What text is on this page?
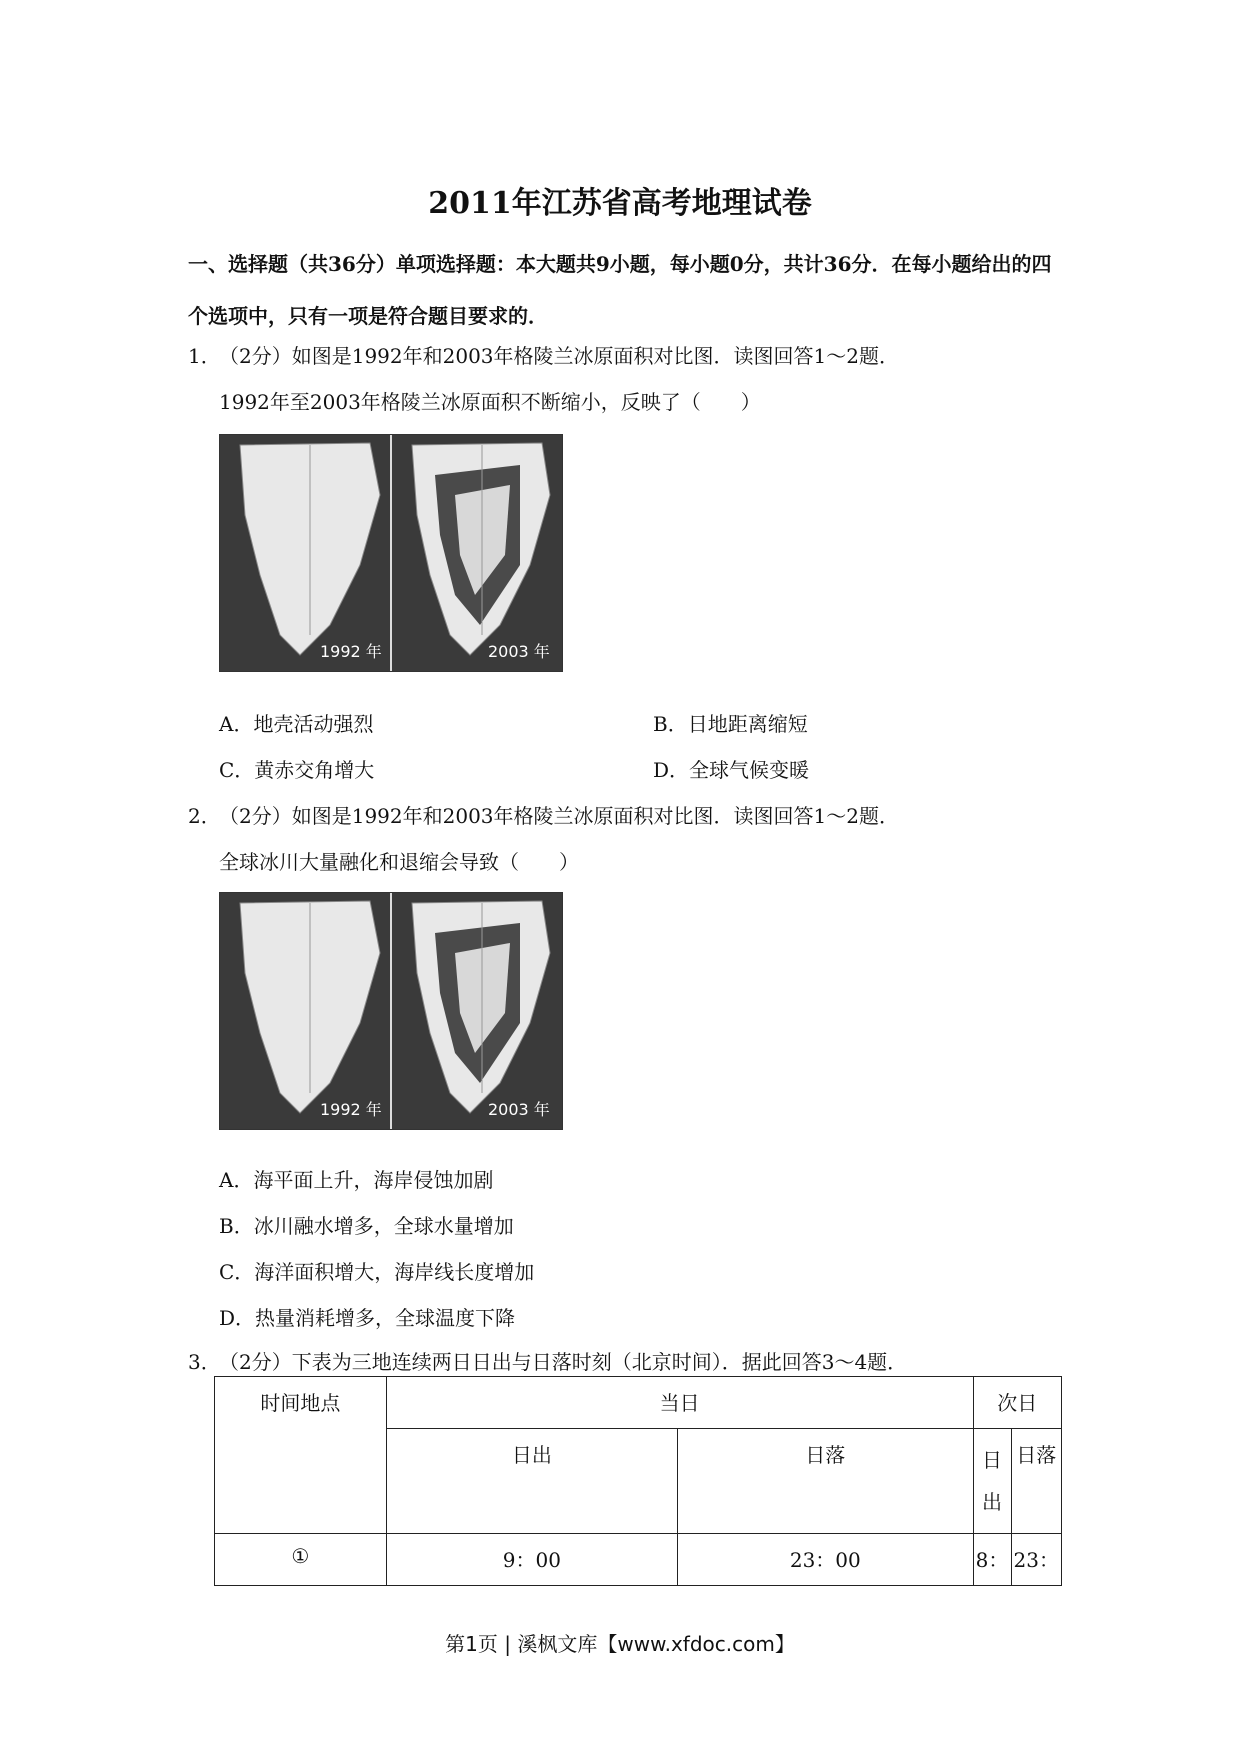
2011年江苏省高考地理试卷
一、选择题（共36分）单项选择题：本大题共9小题，每小题0分，共计36分．在每小题给出的四个选项中，只有一项是符合题目要求的．
1．
（2分）如图是1992年和2003年格陵兰冰原面积对比图．读图回答1～2题．
1992年至2003年格陵兰冰原面积不断缩小，反映了（　　）
1992 年	2003 年
A．地壳活动强烈	B．日地距离缩短
C．黄赤交角增大	D．全球气候变暖
2．
（2分）如图是1992年和2003年格陵兰冰原面积对比图．读图回答1～2题．
全球冰川大量融化和退缩会导致（　　）
1992 年	2003 年
A．海平面上升，海岸侵蚀加剧
B．冰川融水增多，全球水量增加
C．海洋面积增大，海岸线长度增加
D．热量消耗增多，全球温度下降
3．
（2分）下表为三地连续两日日出与日落时刻（北京时间）．据此回答3～4题．
时间地点	当日		次日	
	日出	日落	日出	日落
①	9：00	23：00	8：	23：
第1页 | 溪枫文库【www.xfdoc.com】
